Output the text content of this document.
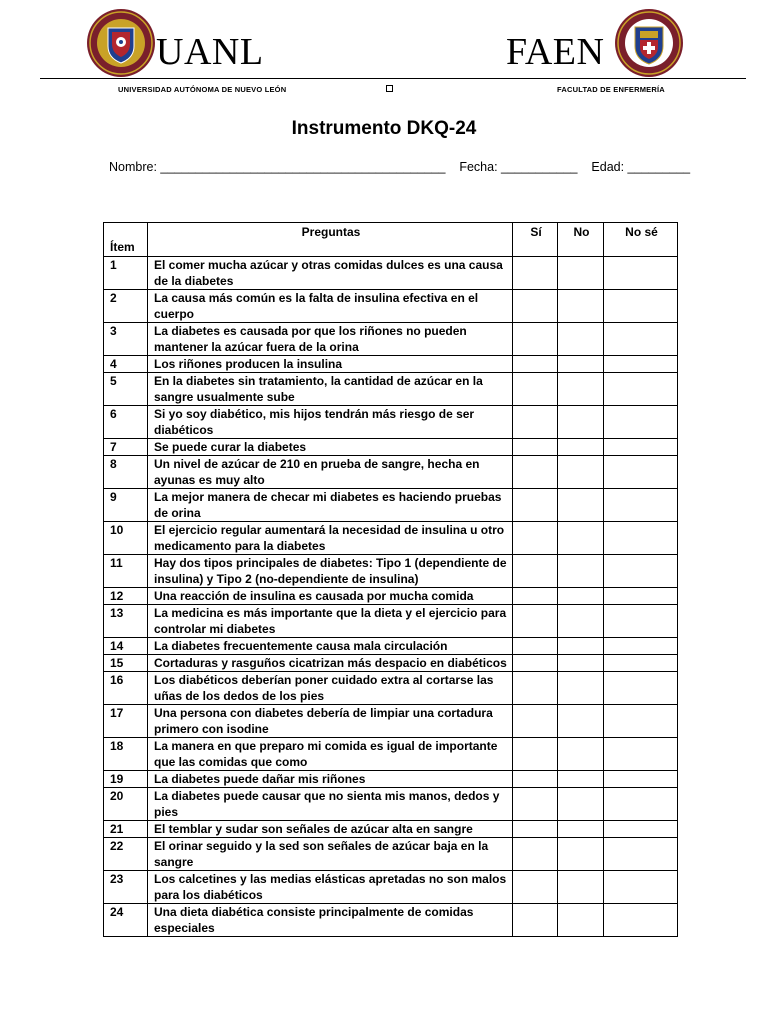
UANL	FAEN
UNIVERSIDAD AUTÓNOMA DE NUEVO LEÓN	FACULTAD DE ENFERMERÍA
Instrumento DKQ-24
Nombre: _________________________________________ Fecha: ___________ Edad: _________
Ítem	Preguntas	Sí	No	No sé
1	El comer mucha azúcar y otras comidas dulces es una causa de la diabetes			
2	La causa más común es la falta de insulina efectiva en el cuerpo			
3	La diabetes es causada por que los riñones no pueden mantener la azúcar fuera de la orina			
4	Los riñones producen la insulina			
5	En la diabetes sin tratamiento, la cantidad de azúcar en la sangre usualmente sube			
6	Si yo soy diabético, mis hijos tendrán más riesgo de ser diabéticos			
7	Se puede curar la diabetes			
8	Un nivel de azúcar de 210 en prueba de sangre, hecha en ayunas es muy alto			
9	La mejor manera de checar mi diabetes es haciendo pruebas de orina			
10	El ejercicio regular aumentará la necesidad de insulina u otro medicamento para la diabetes			
11	Hay dos tipos principales de diabetes: Tipo 1 (dependiente de insulina) y Tipo 2 (no-dependiente de insulina)			
12	Una reacción de insulina es causada por mucha comida			
13	La medicina es más importante que la dieta y el ejercicio para controlar mi diabetes			
14	La diabetes frecuentemente causa mala circulación			
15	Cortaduras y rasguños cicatrizan más despacio en diabéticos			
16	Los diabéticos deberían poner cuidado extra al cortarse las uñas de los dedos de los pies			
17	Una persona con diabetes debería de limpiar una cortadura primero con isodine			
18	La manera en que preparo mi comida es igual de importante que las comidas que como			
19	La diabetes puede dañar mis riñones			
20	La diabetes puede causar que no sienta mis manos, dedos y pies			
21	El temblar y sudar son señales de azúcar alta en sangre			
22	El orinar seguido y la sed son señales de azúcar baja en la sangre			
23	Los calcetines y las medias elásticas apretadas no son malos para los diabéticos			
24	Una dieta diabética consiste principalmente de comidas especiales			
